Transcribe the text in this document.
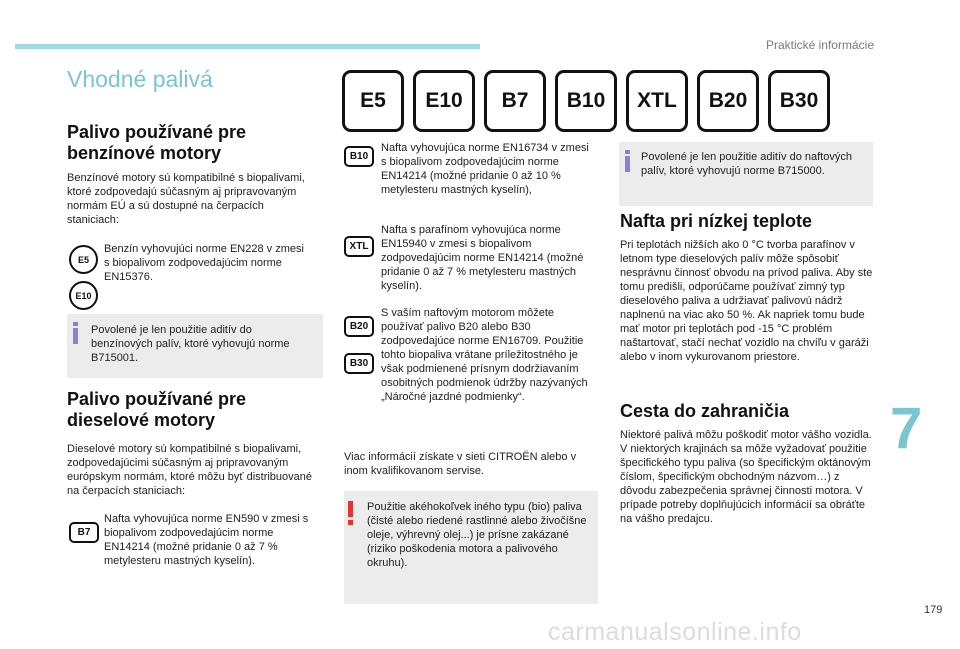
Praktické informácie
Vhodné palivá
E5	E10	B7	B10	XTL	B20	B30
Palivo používané pre benzínové motory

Benzínové motory sú kompatibilné s biopalivami, ktoré zodpovedajú súčasným aj pripravovaným normám EÚ a sú dostupné na čerpacích staniciach:

E5
E10

Benzín vyhovujúci norme EN228 v zmesi s biopalivom zodpovedajúcim norme EN15376.

Povolené je len použitie aditív do benzínových palív, ktoré vyhovujú norme B715001.

Palivo používané pre dieselové motory

Dieselové motory sú kompatibilné s biopalivami, zodpovedajúcimi súčasným aj pripravovaným európskym normám, ktoré môžu byť distribuované na čerpacích staniciach:

B7

Nafta vyhovujúca norme EN590 v zmesi s biopalivom zodpovedajúcim norme EN14214 (možné pridanie 0 až 7 % metylesteru mastných kyselín).

B10

Nafta vyhovujúca norme EN16734 v zmesi s biopalivom zodpovedajúcim norme EN14214 (možné pridanie 0 až 10 % metylesteru mastných kyselín),

XTL

Nafta s parafínom vyhovujúca norme EN15940 v zmesi s biopalivom zodpovedajúcim norme EN14214 (možné pridanie 0 až 7 % metylesteru mastných kyselín).

B20
B30

S vaším naftovým motorom môžete používať palivo B20 alebo B30 zodpovedajúce norme EN16709. Použitie tohto biopaliva vrátane príležitostného je však podmienené prísnym dodržiavaním osobitných podmienok údržby nazývaných „Náročné jazdné podmienky“.

Viac informácií získate v sieti CITROËN alebo v inom kvalifikovanom servise.

Použitie akéhokoľvek iného typu (bio) paliva (čisté alebo riedené rastlinné alebo živočíšne oleje, výhrevný olej...) je prísne zakázané (riziko poškodenia motora a palivového okruhu).

Povolené je len použitie aditív do naftových palív, ktoré vyhovujú norme B715000.

Nafta pri nízkej teplote

Pri teplotách nižších ako 0 °C tvorba parafínov v letnom type dieselových palív môže spôsobiť nesprávnu činnosť obvodu na prívod paliva. Aby ste tomu predišli, odporúčame používať zimný typ dieselového paliva a udržiavať palivovú nádrž naplnenú na viac ako 50 %. Ak napriek tomu bude mať motor pri teplotách pod -15 °C problém naštartovať, stačí nechať vozidlo na chvíľu v garáži alebo v inom vykurovanom priestore.

Cesta do zahraničia

Niektoré palivá môžu poškodiť motor vášho vozidla. V niektorých krajinách sa môže vyžadovať použitie špecifického typu paliva (so špecifickým oktánovým číslom, špecifickým obchodným názvom…) z dôvodu zabezpečenia správnej činnosti motora. V prípade potreby doplňujúcich informácií sa obráťte na vášho predajcu.

7
179
carmanualsonline.info
